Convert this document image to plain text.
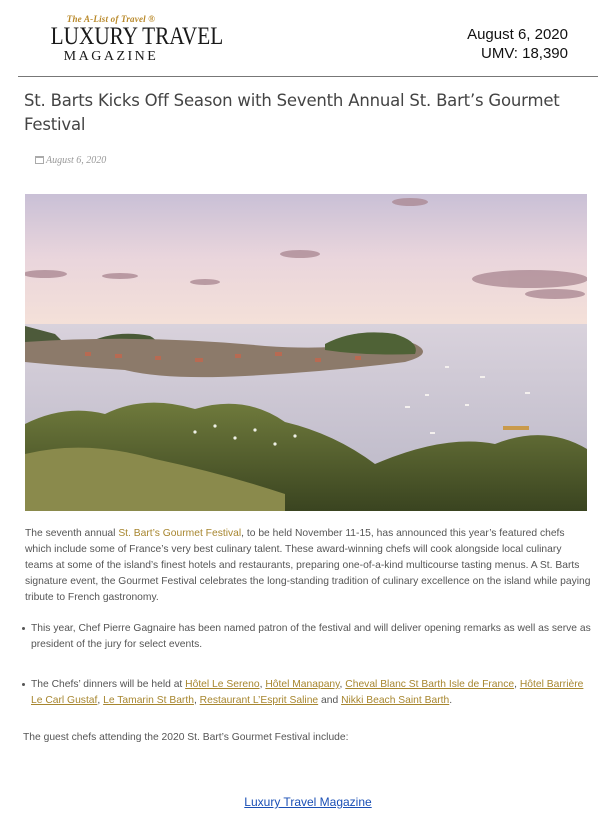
The A-List of Travel ®
LUXURY TRAVEL
MAGAZINE
August 6, 2020
UMV: 18,390
St. Barts Kicks Off Season with Seventh Annual St. Bart’s Gourmet Festival
August 6, 2020

The seventh annual St. Bart’s Gourmet Festival, to be held November 11-15, has announced this year’s featured chefs which include some of France’s very best culinary talent. These award-winning chefs will cook alongside local culinary teams at some of the island’s finest hotels and restaurants, preparing one-of-a-kind multicourse tasting menus. A St. Barts signature event, the Gourmet Festival celebrates the long-standing tradition of culinary excellence on the island while paying tribute to French gastronomy.

This year, Chef Pierre Gagnaire has been named patron of the festival and will deliver opening remarks as well as serve as president of the jury for select events.
The Chefs’ dinners will be held at Hôtel Le Sereno, Hôtel Manapany, Cheval Blanc St Barth Isle de France, Hôtel Barrière Le Carl Gustaf, Le Tamarin St Barth, Restaurant L’Esprit Saline and Nikki Beach Saint Barth.
The guest chefs attending the 2020 St. Bart’s Gourmet Festival include:
Luxury Travel Magazine
